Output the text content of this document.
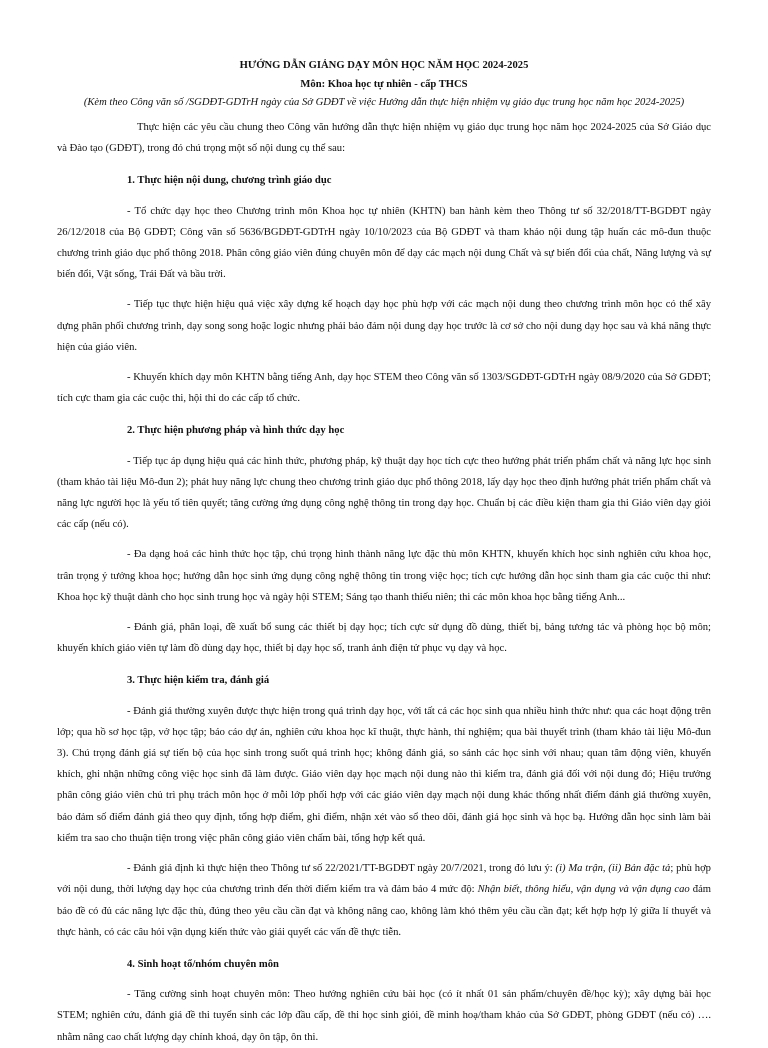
HƯỚNG DẪN GIẢNG DẠY MÔN HỌC NĂM HỌC 2024-2025
Môn: Khoa học tự nhiên - cấp THCS
(Kèm theo Công văn số /SGDĐT-GDTrH ngày của Sở GDĐT về việc Hướng dẫn thực hiện nhiệm vụ giáo dục trung học năm học 2024-2025)

Thực hiện các yêu cầu chung theo Công văn hướng dẫn thực hiện nhiệm vụ giáo dục trung học năm học 2024-2025 của Sở Giáo dục và Đào tạo (GDĐT), trong đó chú trọng một số nội dung cụ thể sau:

1. Thực hiện nội dung, chương trình giáo dục

- Tổ chức dạy học theo Chương trình môn Khoa học tự nhiên (KHTN) ban hành kèm theo Thông tư số 32/2018/TT-BGDĐT ngày 26/12/2018 của Bộ GDĐT; Công văn số 5636/BGDĐT-GDTrH ngày 10/10/2023 của Bộ GDĐT và tham khảo nội dung tập huấn các mô-đun thuộc chương trình giáo dục phổ thông 2018. Phân công giáo viên đúng chuyên môn để dạy các mạch nội dung Chất và sự biến đổi của chất, Năng lượng và sự biến đổi, Vật sống, Trái Đất và bầu trời.

- Tiếp tục thực hiện hiệu quả việc xây dựng kế hoạch dạy học phù hợp với các mạch nội dung theo chương trình môn học có thể xây dựng phân phối chương trình, dạy song song hoặc logic nhưng phải bảo đảm nội dung dạy học trước là cơ sở cho nội dung dạy học sau và khả năng thực hiện của giáo viên.

- Khuyến khích dạy môn KHTN bằng tiếng Anh, dạy học STEM theo Công văn số 1303/SGDĐT-GDTrH ngày 08/9/2020 của Sở GDĐT; tích cực tham gia các cuộc thi, hội thi do các cấp tổ chức.

2. Thực hiện phương pháp và hình thức dạy học

- Tiếp tục áp dụng hiệu quả các hình thức, phương pháp, kỹ thuật dạy học tích cực theo hướng phát triển phẩm chất và năng lực học sinh (tham khảo tài liệu Mô-đun 2); phát huy năng lực chung theo chương trình giáo dục phổ thông 2018, lấy dạy học theo định hướng phát triển phẩm chất và năng lực người học là yếu tố tiên quyết; tăng cường ứng dụng công nghệ thông tin trong dạy học. Chuẩn bị các điều kiện tham gia thi Giáo viên dạy giỏi các cấp (nếu có).

- Đa dạng hoá các hình thức học tập, chú trọng hình thành năng lực đặc thù môn KHTN, khuyến khích học sinh nghiên cứu khoa học, trân trọng ý tưởng khoa học; hướng dẫn học sinh ứng dụng công nghệ thông tin trong việc học; tích cực hướng dẫn học sinh tham gia các cuộc thi như: Khoa học kỹ thuật dành cho học sinh trung học và ngày hội STEM; Sáng tạo thanh thiếu niên; thi các môn khoa học bằng tiếng Anh...

- Đánh giá, phân loại, đề xuất bổ sung các thiết bị dạy học; tích cực sử dụng đồ dùng, thiết bị, bảng tương tác và phòng học bộ môn; khuyến khích giáo viên tự làm đồ dùng dạy học, thiết bị dạy học số, tranh ảnh điện tử phục vụ dạy và học.

3. Thực hiện kiểm tra, đánh giá

- Đánh giá thường xuyên được thực hiện trong quá trình dạy học, với tất cả các học sinh qua nhiều hình thức như: qua các hoạt động trên lớp; qua hồ sơ học tập, vở học tập; báo cáo dự án, nghiên cứu khoa học kĩ thuật, thực hành, thí nghiệm; qua bài thuyết trình (tham khảo tài liệu Mô-đun 3). Chú trọng đánh giá sự tiến bộ của học sinh trong suốt quá trình học; không đánh giá, so sánh các học sinh với nhau; quan tâm động viên, khuyến khích, ghi nhận những công việc học sinh đã làm được. Giáo viên dạy học mạch nội dung nào thì kiểm tra, đánh giá đối với nội dung đó; Hiệu trưởng phân công giáo viên chủ trì phụ trách môn học ở mỗi lớp phối hợp với các giáo viên dạy mạch nội dung khác thống nhất điểm đánh giá thường xuyên, bảo đảm số điểm đánh giá theo quy định, tổng hợp điểm, ghi điểm, nhận xét vào sổ theo dõi, đánh giá học sinh và học bạ. Hướng dẫn học sinh làm bài kiểm tra sao cho thuận tiện trong việc phân công giáo viên chấm bài, tổng hợp kết quả.

- Đánh giá định kì thực hiện theo Thông tư số 22/2021/TT-BGDĐT ngày 20/7/2021, trong đó lưu ý: (i) Ma trận, (ii) Bản đặc tả; phù hợp với nội dung, thời lượng dạy học của chương trình đến thời điểm kiểm tra và đảm bảo 4 mức độ: Nhận biết, thông hiểu, vận dụng và vận dụng cao đảm bảo đề có đủ các năng lực đặc thù, đúng theo yêu cầu cần đạt và không nâng cao, không làm khó thêm yêu cầu cần đạt; kết hợp hợp lý giữa lí thuyết và thực hành, có các câu hỏi vận dụng kiến thức vào giải quyết các vấn đề thực tiễn.

4. Sinh hoạt tổ/nhóm chuyên môn

- Tăng cường sinh hoạt chuyên môn: Theo hướng nghiên cứu bài học (có ít nhất 01 sản phẩm/chuyên đề/học kỳ); xây dựng bài học STEM; nghiên cứu, đánh giá đề thi tuyển sinh các lớp đầu cấp, đề thi học sinh giỏi, đề minh hoạ/tham khảo của Sở GDĐT, phòng GDĐT (nếu có) …. nhằm nâng cao chất lượng dạy chính khoá, dạy ôn tập, ôn thi.
